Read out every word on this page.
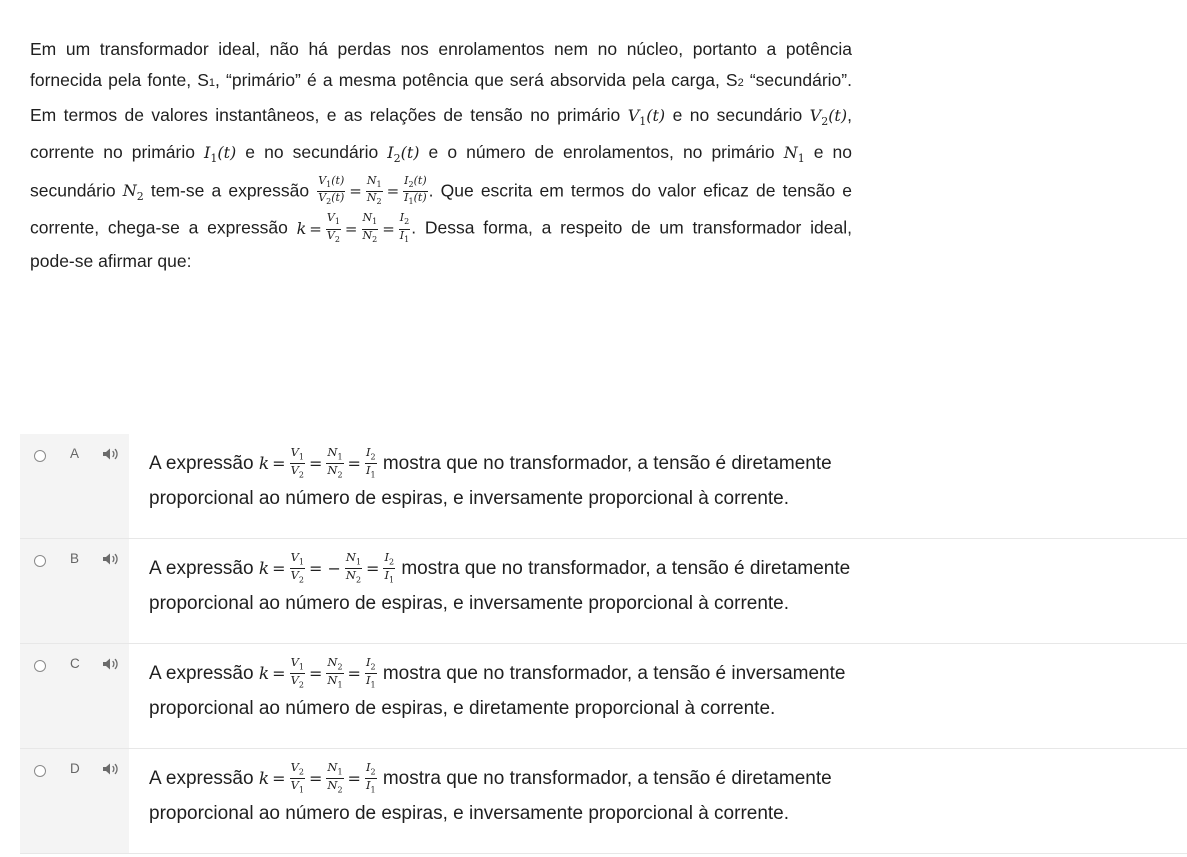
Em um transformador ideal, não há perdas nos enrolamentos nem no núcleo, portanto a potência fornecida pela fonte, S1, “primário” é a mesma potência que será absorvida pela carga, S2 “secundário”. Em termos de valores instantâneos, e as relações de tensão no primário $V_1(t)$ e no secundário $V_2(t)$, corrente no primário $I_1(t)$ e no secundário $I_2(t)$ e o número de enrolamentos, no primário $N_1$ e no secundário $N_2$ tem-se a expressão $\frac{V_1(t)}{V_2(t)} = \frac{N_1}{N_2} = \frac{I_2(t)}{I_1(t)}$ . Que escrita em termos do valor eficaz de tensão e corrente, chega-se a expressão $k = \frac{V_1}{V_2} = \frac{N_1}{N_2} = \frac{I_2}{I_1}$ . Dessa forma, a respeito de um transformador ideal, pode-se afirmar que:

A	A expressão $k = \frac{V_1}{V_2} = \frac{N_1}{N_2} = \frac{I_2}{I_1}$ mostra que no transformador, a tensão é diretamente
proporcional ao número de espiras, e inversamente proporcional à corrente.
B	A expressão $k = \frac{V_1}{V_2}$ = − $\frac{N_1}{N_2} = \frac{I_2}{I_1}$ mostra que no transformador, a tensão é diretamente
proporcional ao número de espiras, e inversamente proporcional à corrente.
C	A expressão $k = \frac{V_1}{V_2} = \frac{N_2}{N_1} = \frac{I_2}{I_1}$ mostra que no transformador, a tensão é inversamente
proporcional ao número de espiras, e diretamente proporcional à corrente.
D	A expressão $k = \frac{V_2}{V_1} = \frac{N_1}{N_2} = \frac{I_2}{I_1}$ mostra que no transformador, a tensão é diretamente
proporcional ao número de espiras, e inversamente proporcional à corrente.
